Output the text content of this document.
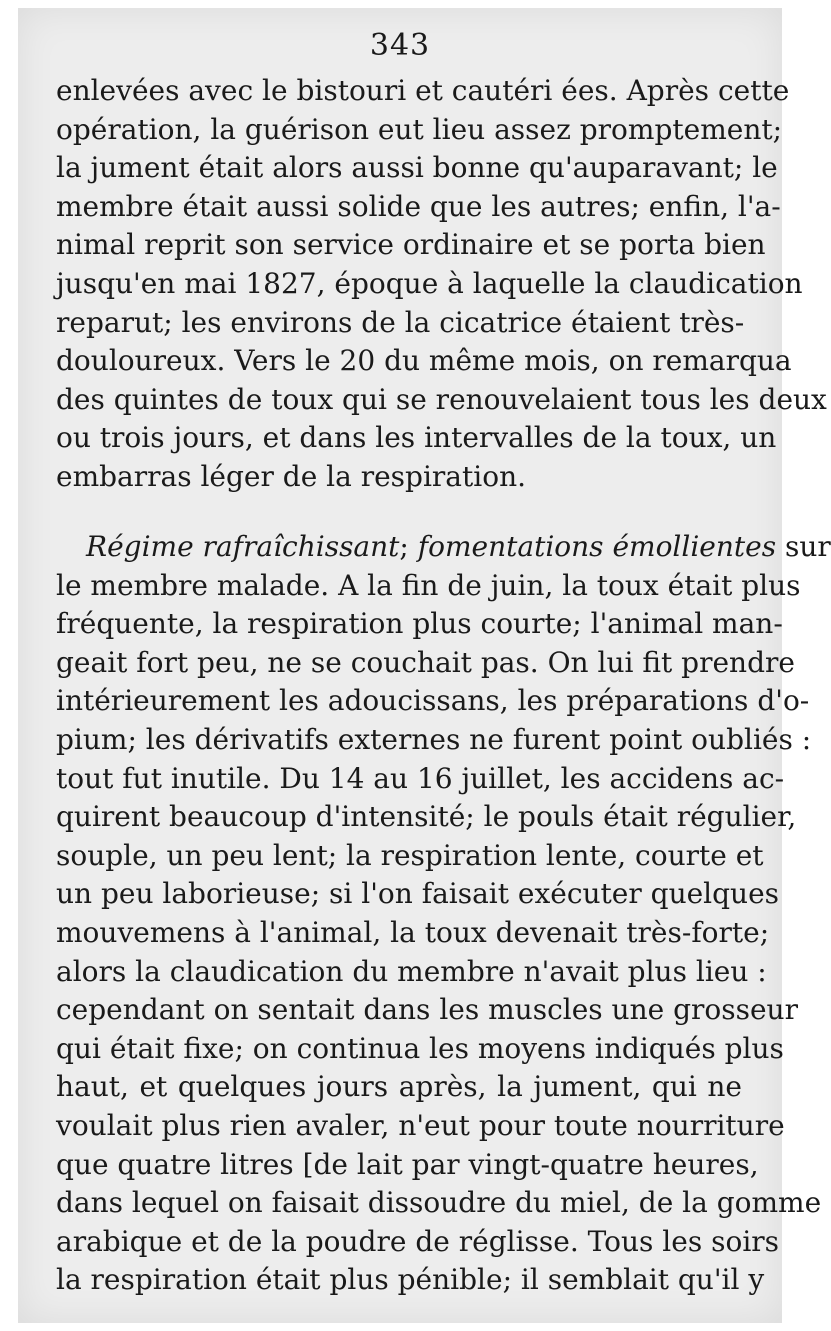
343
enlevées avec le bistouri et cautéri ées. Après cette
opération, la guérison eut lieu assez promptement;
la jument était alors aussi bonne qu'auparavant; le
membre était aussi solide que les autres; enfin, l'a-
nimal reprit son service ordinaire et se porta bien
jusqu'en mai 1827, époque à laquelle la claudication
reparut; les environs de la cicatrice étaient très-
douloureux. Vers le 20 du même mois, on remarqua
des quintes de toux qui se renouvelaient tous les deux
ou trois jours, et dans les intervalles de la toux, un
embarras léger de la respiration.
Régime rafraîchissant; fomentations émollientes sur
le membre malade. A la fin de juin, la toux était plus
fréquente, la respiration plus courte; l'animal man-
geait fort peu, ne se couchait pas. On lui fit prendre
intérieurement les adoucissans, les préparations d'o-
pium; les dérivatifs externes ne furent point oubliés :
tout fut inutile. Du 14 au 16 juillet, les accidens ac-
quirent beaucoup d'intensité; le pouls était régulier,
souple, un peu lent; la respiration lente, courte et
un peu laborieuse; si l'on faisait exécuter quelques
mouvemens à l'animal, la toux devenait très-forte;
alors la claudication du membre n'avait plus lieu :
cependant on sentait dans les muscles une grosseur
qui était fixe; on continua les moyens indiqués plus
haut, et quelques jours après, la jument, qui ne
voulait plus rien avaler, n'eut pour toute nourriture
que quatre litres [de lait par vingt-quatre heures,
dans lequel on faisait dissoudre du miel, de la gomme
arabique et de la poudre de réglisse. Tous les soirs
la respiration était plus pénible; il semblait qu'il y
